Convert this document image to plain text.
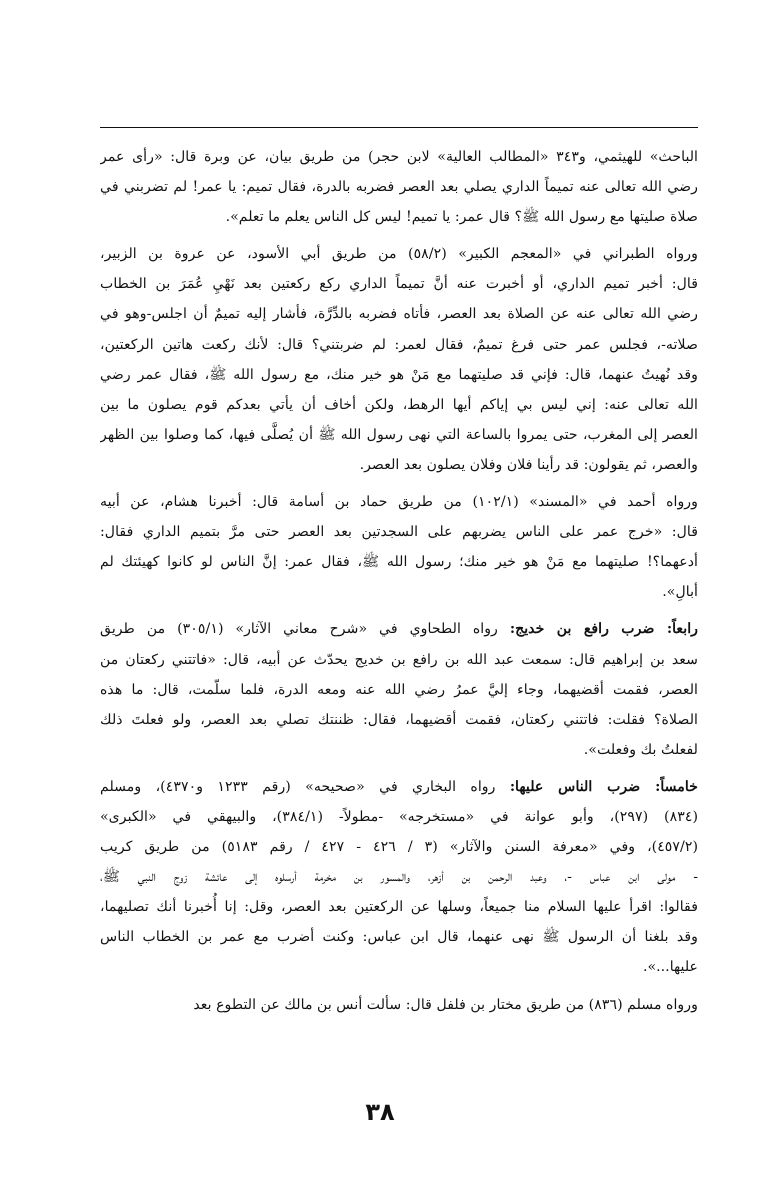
الباحث» للهيثمي، و٣٤٣ «المطالب العالية» لابن حجر) من طريق بيان، عن وبرة قال: «رأى عمر
رضي الله تعالى عنه تميماً الداري يصلي بعد العصر فضربه بالدرة، فقال تميم: يا عمر! لم تضربني في
صلاة صليتها مع رسول الله ﷺ؟ قال عمر: يا تميم! ليس كل الناس يعلم ما تعلم».
ورواه الطبراني في «المعجم الكبير» (٥٨/٢) من طريق أبي الأسود، عن عروة بن الزبير،
قال: أخبر تميم الداري، أو أخبرت عنه أنَّ تميماً الداري ركع ركعتين بعد نَهْيِ عُمَرَ بن الخطاب
رضي الله تعالى عنه عن الصلاة بعد العصر، فأتاه فضربه بالدِّرَّة، فأشار إليه تميمٌ أن اجلس-وهو في
صلاته-، فجلس عمر حتى فرغ تميمٌ، فقال لعمر: لم ضربتني؟ قال: لأنك ركعت هاتين الركعتين،
وقد نُهيتُ عنهما، قال: فإني قد صليتهما مع مَنْ هو خير منك، مع رسول الله ﷺ، فقال عمر رضي
الله تعالى عنه: إني ليس بي إياكم أيها الرهط، ولكن أخاف أن يأتي بعدكم قوم يصلون ما بين
العصر إلى المغرب، حتى يمروا بالساعة التي نهى رسول الله ﷺ أن يُصلَّى فيها، كما وصلوا بين الظهر
والعصر، ثم يقولون: قد رأينا فلان وفلان يصلون بعد العصر.
ورواه أحمد في «المسند» (١٠٢/١) من طريق حماد بن أسامة قال: أخبرنا هشام، عن أبيه
قال: «خرج عمر على الناس يضربهم على السجدتين بعد العصر حتى مرَّ بتميم الداري فقال:
أدعهما؟! صليتهما مع مَنْ هو خير منك؛ رسول الله ﷺ، فقال عمر: إنَّ الناس لو كانوا كهيئتك لم
أبالِ».
رابعاً: ضرب رافع بن خديج: رواه الطحاوي في «شرح معاني الآثار» (٣٠٥/١) من طريق
سعد بن إبراهيم قال: سمعت عبد الله بن رافع بن خديج يحدّث عن أبيه، قال: «فاتتني ركعتان من
العصر، فقمت أقضيهما، وجاء إليَّ عمرُ رضي الله عنه ومعه الدرة، فلما سلّمت، قال: ما هذه
الصلاة؟ فقلت: فاتتني ركعتان، فقمت أقضيهما، فقال: ظننتك تصلي بعد العصر، ولو فعلتَ ذلك
لفعلتُ بك وفعلت».
خامساً: ضرب الناس عليها: رواه البخاري في «صحيحه» (رقم ١٢٣٣ و٤٣٧٠)، ومسلم
(٨٣٤) (٢٩٧)، وأبو عوانة في «مستخرجه» -مطولاً- (٣٨٤/١)، والبيهقي في «الكبرى»
(٤٥٧/٢)، وفي «معرفة السنن والآثار» (٣ / ٤٢٦ - ٤٢٧ / رقم ٥١٨٣) من طريق كريب
- مولى ابن عباس -، وعبد الرحمن بن أزهر، والمسور بن مخرمة أرسلوه إلى عائشة زوج النبي ﷺ،
فقالوا: اقرأ عليها السلام منا جميعاً، وسلها عن الركعتين بعد العصر، وقل: إنا أُخبرنا أنك تصليهما،
وقد بلغنا أن الرسول ﷺ نهى عنهما، قال ابن عباس: وكنت أضرب مع عمر بن الخطاب الناس
عليها...».
ورواه مسلم (٨٣٦) من طريق مختار بن فلفل قال: سألت أنس بن مالك عن التطوع بعد
٣٨
